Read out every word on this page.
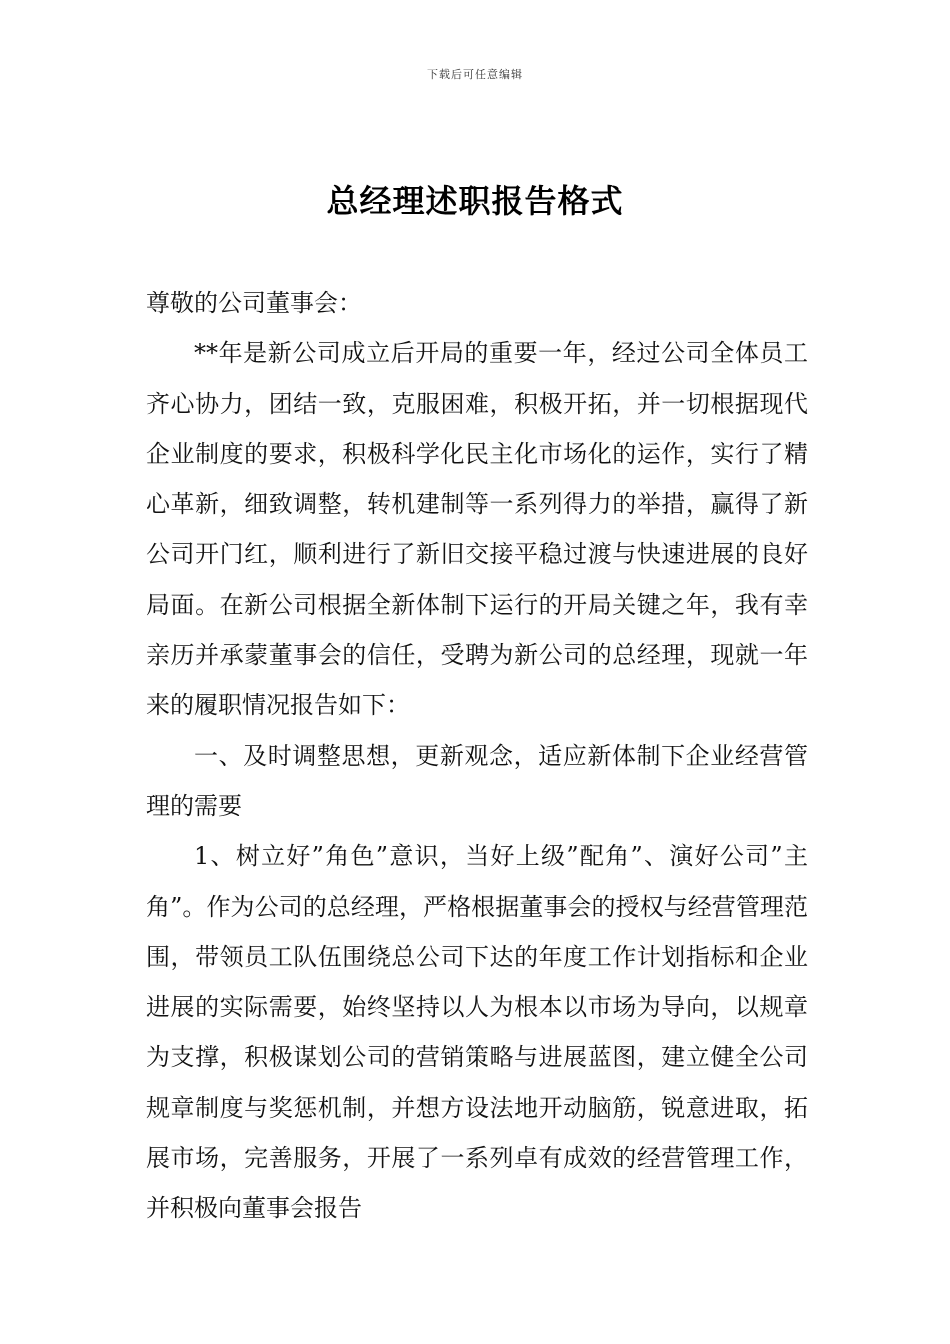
下载后可任意编辑
总经理述职报告格式

尊敬的公司董事会：

**年是新公司成立后开局的重要一年，经过公司全体员工齐心协力，团结一致，克服困难，积极开拓，并一切根据现代企业制度的要求，积极科学化民主化市场化的运作，实行了精心革新，细致调整，转机建制等一系列得力的举措，赢得了新公司开门红，顺利进行了新旧交接平稳过渡与快速进展的良好局面。在新公司根据全新体制下运行的开局关键之年，我有幸亲历并承蒙董事会的信任，受聘为新公司的总经理，现就一年来的履职情况报告如下：

一、及时调整思想，更新观念，适应新体制下企业经营管理的需要

1、树立好”角色”意识，当好上级”配角”、演好公司”主角”。作为公司的总经理，严格根据董事会的授权与经营管理范围，带领员工队伍围绕总公司下达的年度工作计划指标和企业进展的实际需要，始终坚持以人为根本以市场为导向，以规章为支撑，积极谋划公司的营销策略与进展蓝图，建立健全公司规章制度与奖惩机制，并想方设法地开动脑筋，锐意进取，拓展市场，完善服务，开展了一系列卓有成效的经营管理工作，并积极向董事会报告
